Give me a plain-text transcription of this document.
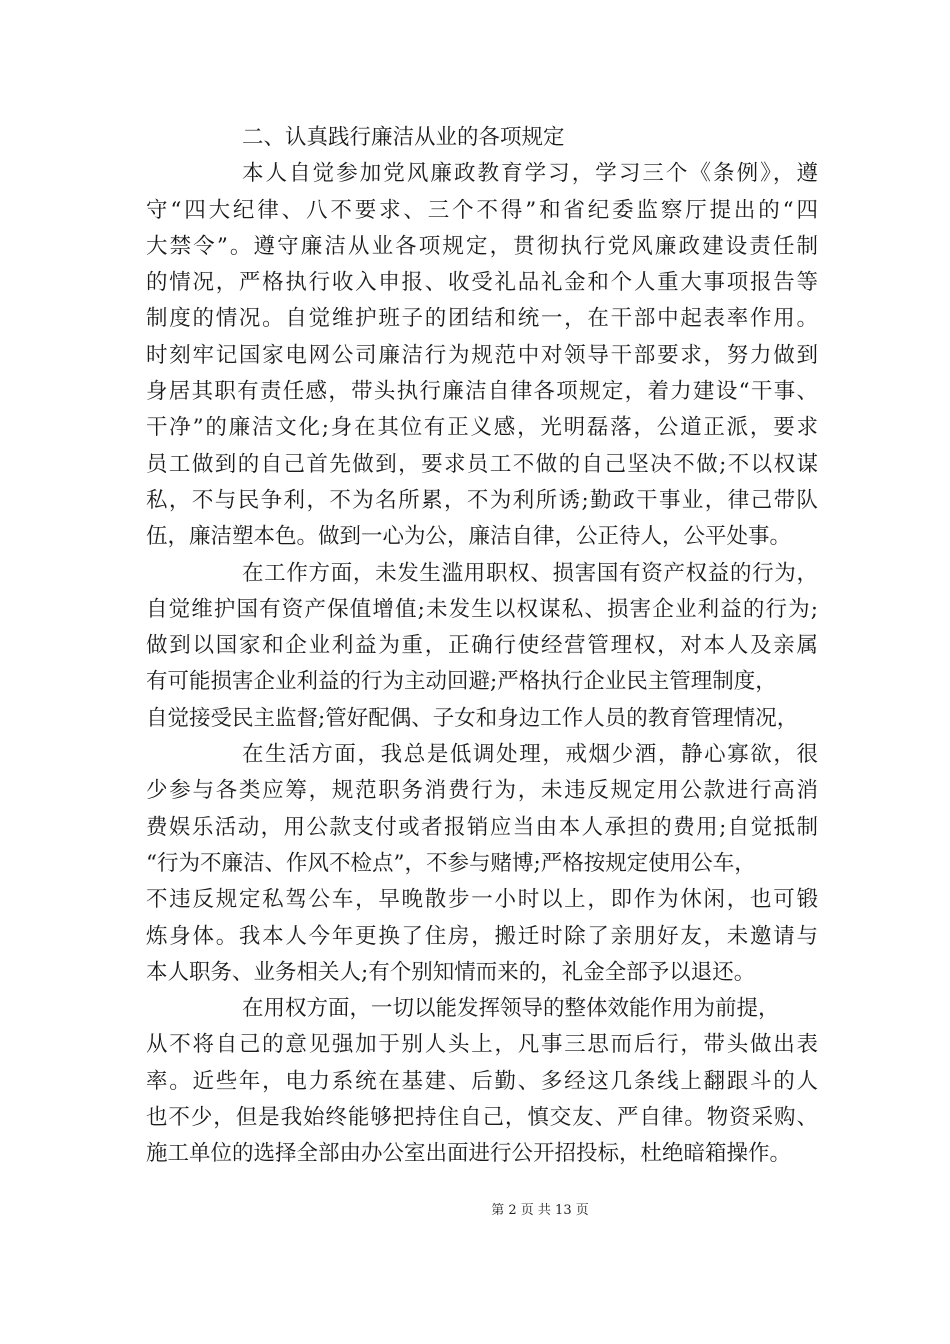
二、认真践行廉洁从业的各项规定
本人自觉参加党风廉政教育学习，学习三个《条例》，遵
守“四大纪律、八不要求、三个不得”和省纪委监察厅提出的“四
大禁令”。遵守廉洁从业各项规定，贯彻执行党风廉政建设责任制
的情况，严格执行收入申报、收受礼品礼金和个人重大事项报告等
制度的情况。自觉维护班子的团结和统一，在干部中起表率作用。
时刻牢记国家电网公司廉洁行为规范中对领导干部要求，努力做到
身居其职有责任感，带头执行廉洁自律各项规定，着力建设“干事、
干净”的廉洁文化;身在其位有正义感，光明磊落，公道正派，要求
员工做到的自己首先做到，要求员工不做的自己坚决不做;不以权谋
私，不与民争利，不为名所累，不为利所诱;勤政干事业，律己带队
伍，廉洁塑本色。做到一心为公，廉洁自律，公正待人，公平处事。
在工作方面，未发生滥用职权、损害国有资产权益的行为，
自觉维护国有资产保值增值;未发生以权谋私、损害企业利益的行为;
做到以国家和企业利益为重，正确行使经营管理权，对本人及亲属
有可能损害企业利益的行为主动回避;严格执行企业民主管理制度，
自觉接受民主监督;管好配偶、子女和身边工作人员的教育管理情况，
在生活方面，我总是低调处理，戒烟少酒，静心寡欲，很
少参与各类应筹，规范职务消费行为，未违反规定用公款进行高消
费娱乐活动，用公款支付或者报销应当由本人承担的费用;自觉抵制
“行为不廉洁、作风不检点”，不参与赌博;严格按规定使用公车，
不违反规定私驾公车，早晚散步一小时以上，即作为休闲，也可锻
炼身体。我本人今年更换了住房，搬迁时除了亲朋好友，未邀请与
本人职务、业务相关人;有个别知情而来的，礼金全部予以退还。
在用权方面，一切以能发挥领导的整体效能作用为前提，
从不将自己的意见强加于别人头上，凡事三思而后行，带头做出表
率。近些年，电力系统在基建、后勤、多经这几条线上翻跟斗的人
也不少，但是我始终能够把持住自己，慎交友、严自律。物资采购、
施工单位的选择全部由办公室出面进行公开招投标，杜绝暗箱操作。
第 2 页 共 13 页
